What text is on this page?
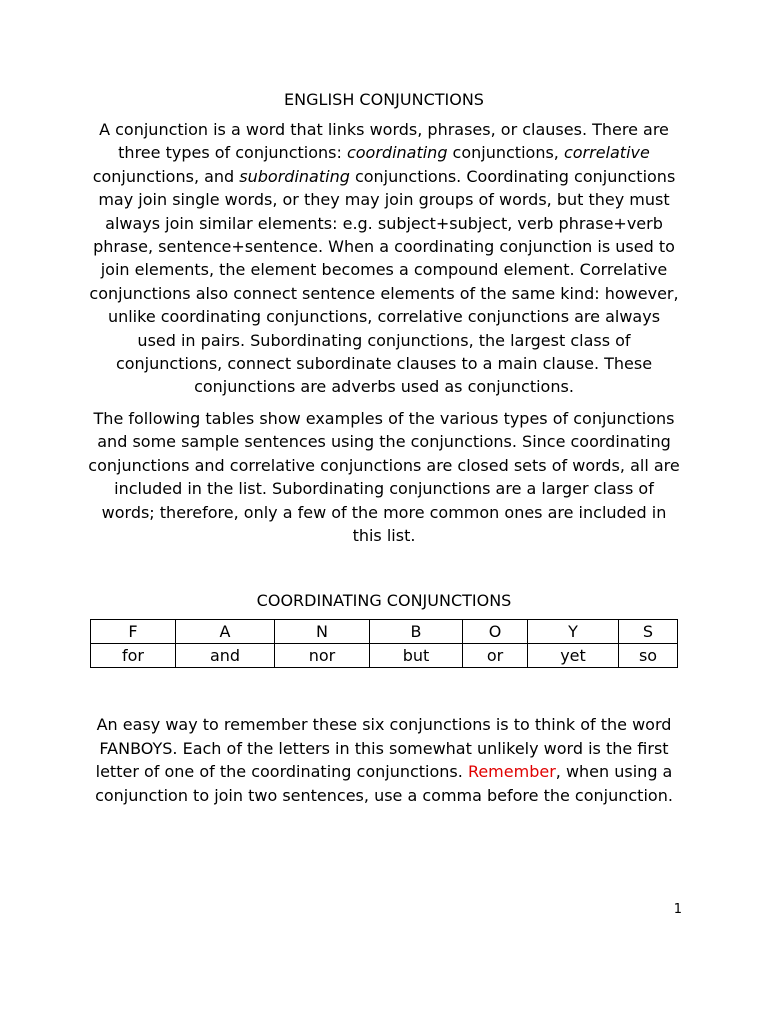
ENGLISH CONJUNCTIONS

A conjunction is a word that links words, phrases, or clauses. There are three types of conjunctions: coordinating conjunctions, correlative conjunctions, and subordinating conjunctions. Coordinating conjunctions may join single words, or they may join groups of words, but they must always join similar elements: e.g. subject+subject, verb phrase+verb phrase, sentence+sentence. When a coordinating conjunction is used to join elements, the element becomes a compound element. Correlative conjunctions also connect sentence elements of the same kind: however, unlike coordinating conjunctions, correlative conjunctions are always used in pairs. Subordinating conjunctions, the largest class of conjunctions, connect subordinate clauses to a main clause. These conjunctions are adverbs used as conjunctions.

The following tables show examples of the various types of conjunctions and some sample sentences using the conjunctions. Since coordinating conjunctions and correlative conjunctions are closed sets of words, all are included in the list. Subordinating conjunctions are a larger class of words; therefore, only a few of the more common ones are included in this list.

COORDINATING CONJUNCTIONS
F	A	N	B	O	Y	S
for	and	nor	but	or	yet	so

An easy way to remember these six conjunctions is to think of the word FANBOYS. Each of the letters in this somewhat unlikely word is the first letter of one of the coordinating conjunctions. Remember, when using a conjunction to join two sentences, use a comma before the conjunction.

1
